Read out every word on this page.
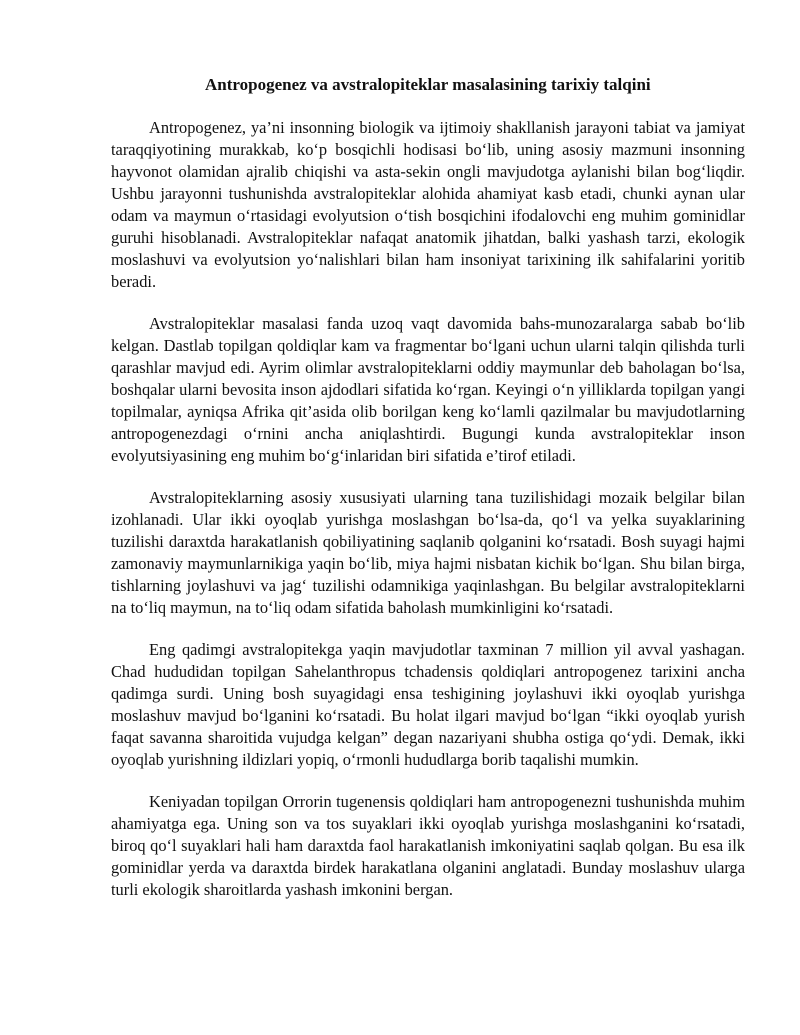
Antropogenez va avstralopiteklar masalasining tarixiy talqini

Antropogenez, ya’ni insonning biologik va ijtimoiy shakllanish jarayoni tabiat va jamiyat taraqqiyotining murakkab, ko‘p bosqichli hodisasi bo‘lib, uning asosiy mazmuni insonning hayvonot olamidan ajralib chiqishi va asta-sekin ongli mavjudotga aylanishi bilan bog‘liqdir. Ushbu jarayonni tushunishda avstralopiteklar alohida ahamiyat kasb etadi, chunki aynan ular odam va maymun o‘rtasidagi evolyutsion o‘tish bosqichini ifodalovchi eng muhim gominidlar guruhi hisoblanadi. Avstralopiteklar nafaqat anatomik jihatdan, balki yashash tarzi, ekologik moslashuvi va evolyutsion yo‘nalishlari bilan ham insoniyat tarixining ilk sahifalarini yoritib beradi.

Avstralopiteklar masalasi fanda uzoq vaqt davomida bahs-munozaralarga sabab bo‘lib kelgan. Dastlab topilgan qoldiqlar kam va fragmentar bo‘lgani uchun ularni talqin qilishda turli qarashlar mavjud edi. Ayrim olimlar avstralopiteklarni oddiy maymunlar deb baholagan bo‘lsa, boshqalar ularni bevosita inson ajdodlari sifatida ko‘rgan. Keyingi o‘n yilliklarda topilgan yangi topilmalar, ayniqsa Afrika qit’asida olib borilgan keng ko‘lamli qazilmalar bu mavjudotlarning antropogenezdagi o‘rnini ancha aniqlashtirdi. Bugungi kunda avstralopiteklar inson evolyutsiyasining eng muhim bo‘g‘inlaridan biri sifatida e’tirof etiladi.

Avstralopiteklarning asosiy xususiyati ularning tana tuzilishidagi mozaik belgilar bilan izohlanadi. Ular ikki oyoqlab yurishga moslashgan bo‘lsa-da, qo‘l va yelka suyaklarining tuzilishi daraxtda harakatlanish qobiliyatining saqlanib qolganini ko‘rsatadi. Bosh suyagi hajmi zamonaviy maymunlarnikiga yaqin bo‘lib, miya hajmi nisbatan kichik bo‘lgan. Shu bilan birga, tishlarning joylashuvi va jag‘ tuzilishi odamnikiga yaqinlashgan. Bu belgilar avstralopiteklarni na to‘liq maymun, na to‘liq odam sifatida baholash mumkinligini ko‘rsatadi.

Eng qadimgi avstralopitekga yaqin mavjudotlar taxminan 7 million yil avval yashagan. Chad hududidan topilgan Sahelanthropus tchadensis qoldiqlari antropogenez tarixini ancha qadimga surdi. Uning bosh suyagidagi ensa teshigining joylashuvi ikki oyoqlab yurishga moslashuv mavjud bo‘lganini ko‘rsatadi. Bu holat ilgari mavjud bo‘lgan “ikki oyoqlab yurish faqat savanna sharoitida vujudga kelgan” degan nazariyani shubha ostiga qo‘ydi. Demak, ikki oyoqlab yurishning ildizlari yopiq, o‘rmonli hududlarga borib taqalishi mumkin.

Keniyadan topilgan Orrorin tugenensis qoldiqlari ham antropogenezni tushunishda muhim ahamiyatga ega. Uning son va tos suyaklari ikki oyoqlab yurishga moslashganini ko‘rsatadi, biroq qo‘l suyaklari hali ham daraxtda faol harakatlanish imkoniyatini saqlab qolgan. Bu esa ilk gominidlar yerda va daraxtda birdek harakatlana olganini anglatadi. Bunday moslashuv ularga turli ekologik sharoitlarda yashash imkonini bergan.
